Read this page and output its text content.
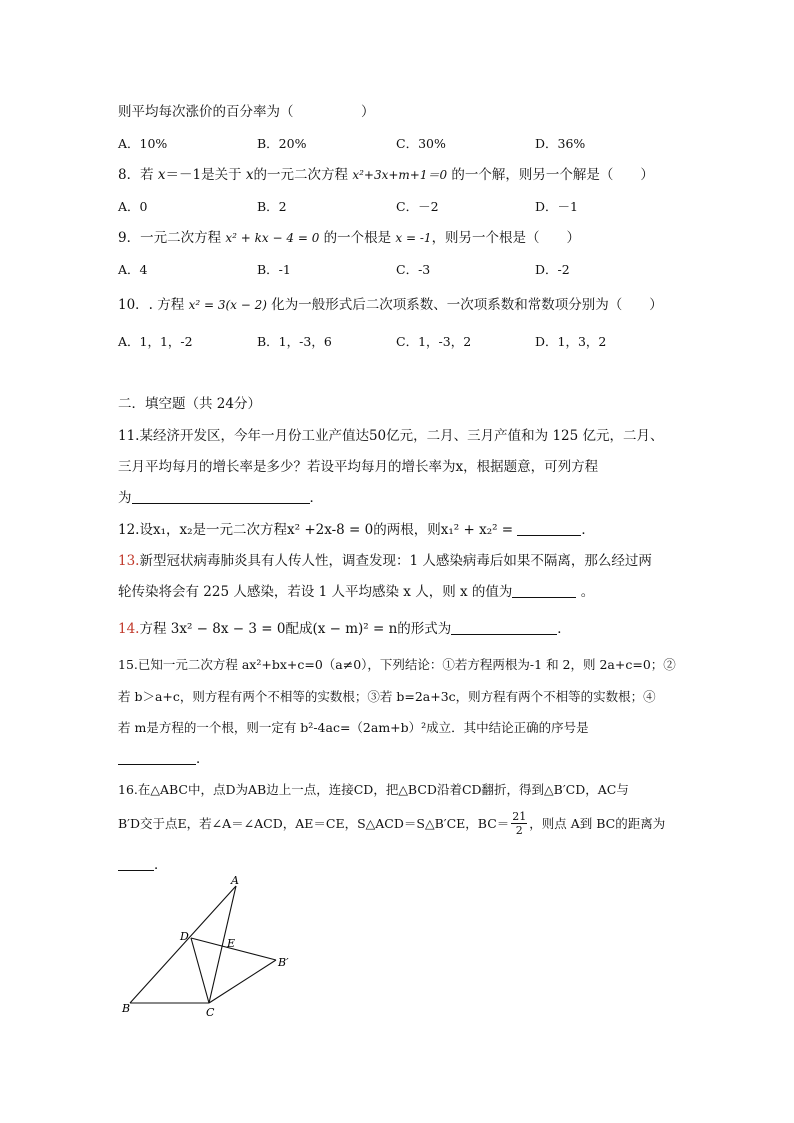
则平均每次涨价的百分率为（　　　　　）
A．10%	B．20%	C．30%	D．36%
8．若 x＝－1是关于 x的一元二次方程 x²+3x+m+1＝0 的一个解，则另一个解是（　　）
A．0	B．2	C．－2	D．－1
9．一元二次方程 x² + kx − 4 = 0 的一个根是 x = -1，则另一个根是（　　）
A．4	B．-1	C．-3	D．-2
10．. 方程 x² = 3(x − 2) 化为一般形式后二次项系数、一次项系数和常数项分别为（　　）
A．1，1，-2	B．1，-3，6	C．1，-3，2	D．1，3，2
二．填空题（共 24分）
11.某经济开发区，今年一月份工业产值达50亿元，二月、三月产值和为 125 亿元，二月、
三月平均每月的增长率是多少？若设平均每月的增长率为x，根据题意，可列方程
为	．
12.设x₁，x₂是一元二次方程x² +2x-8 = 0的两根，则x₁² + x₂² =	．
13.新型冠状病毒肺炎具有人传人性，调查发现：1 人感染病毒后如果不隔离，那么经过两
轮传染将会有 225 人感染，若设 1 人平均感染 x 人，则 x 的值为	。
14.方程 3x² − 8x − 3 = 0配成(x − m)² = n的形式为	．
15.已知一元二次方程 ax²+bx+c=0（a≠0），下列结论：①若方程两根为-1 和 2，则 2a+c=0；②
若 b＞a+c，则方程有两个不相等的实数根；③若 b=2a+3c，则方程有两个不相等的实数根；④
若 m是方程的一个根，则一定有 b²-4ac=（2am+b）²成立．其中结论正确的序号是
．
16.在△ABC中，点D为AB边上一点，连接CD，把△BCD沿着CD翻折，得到△B′CD，AC与
B′D交于点E，若∠A＝∠ACD，AE＝CE，S△ACD＝S△B′CE，$BC= \frac{21}{2}$ ，则点 A到 BC的距离为
．
A
D
E
B′
B	C
